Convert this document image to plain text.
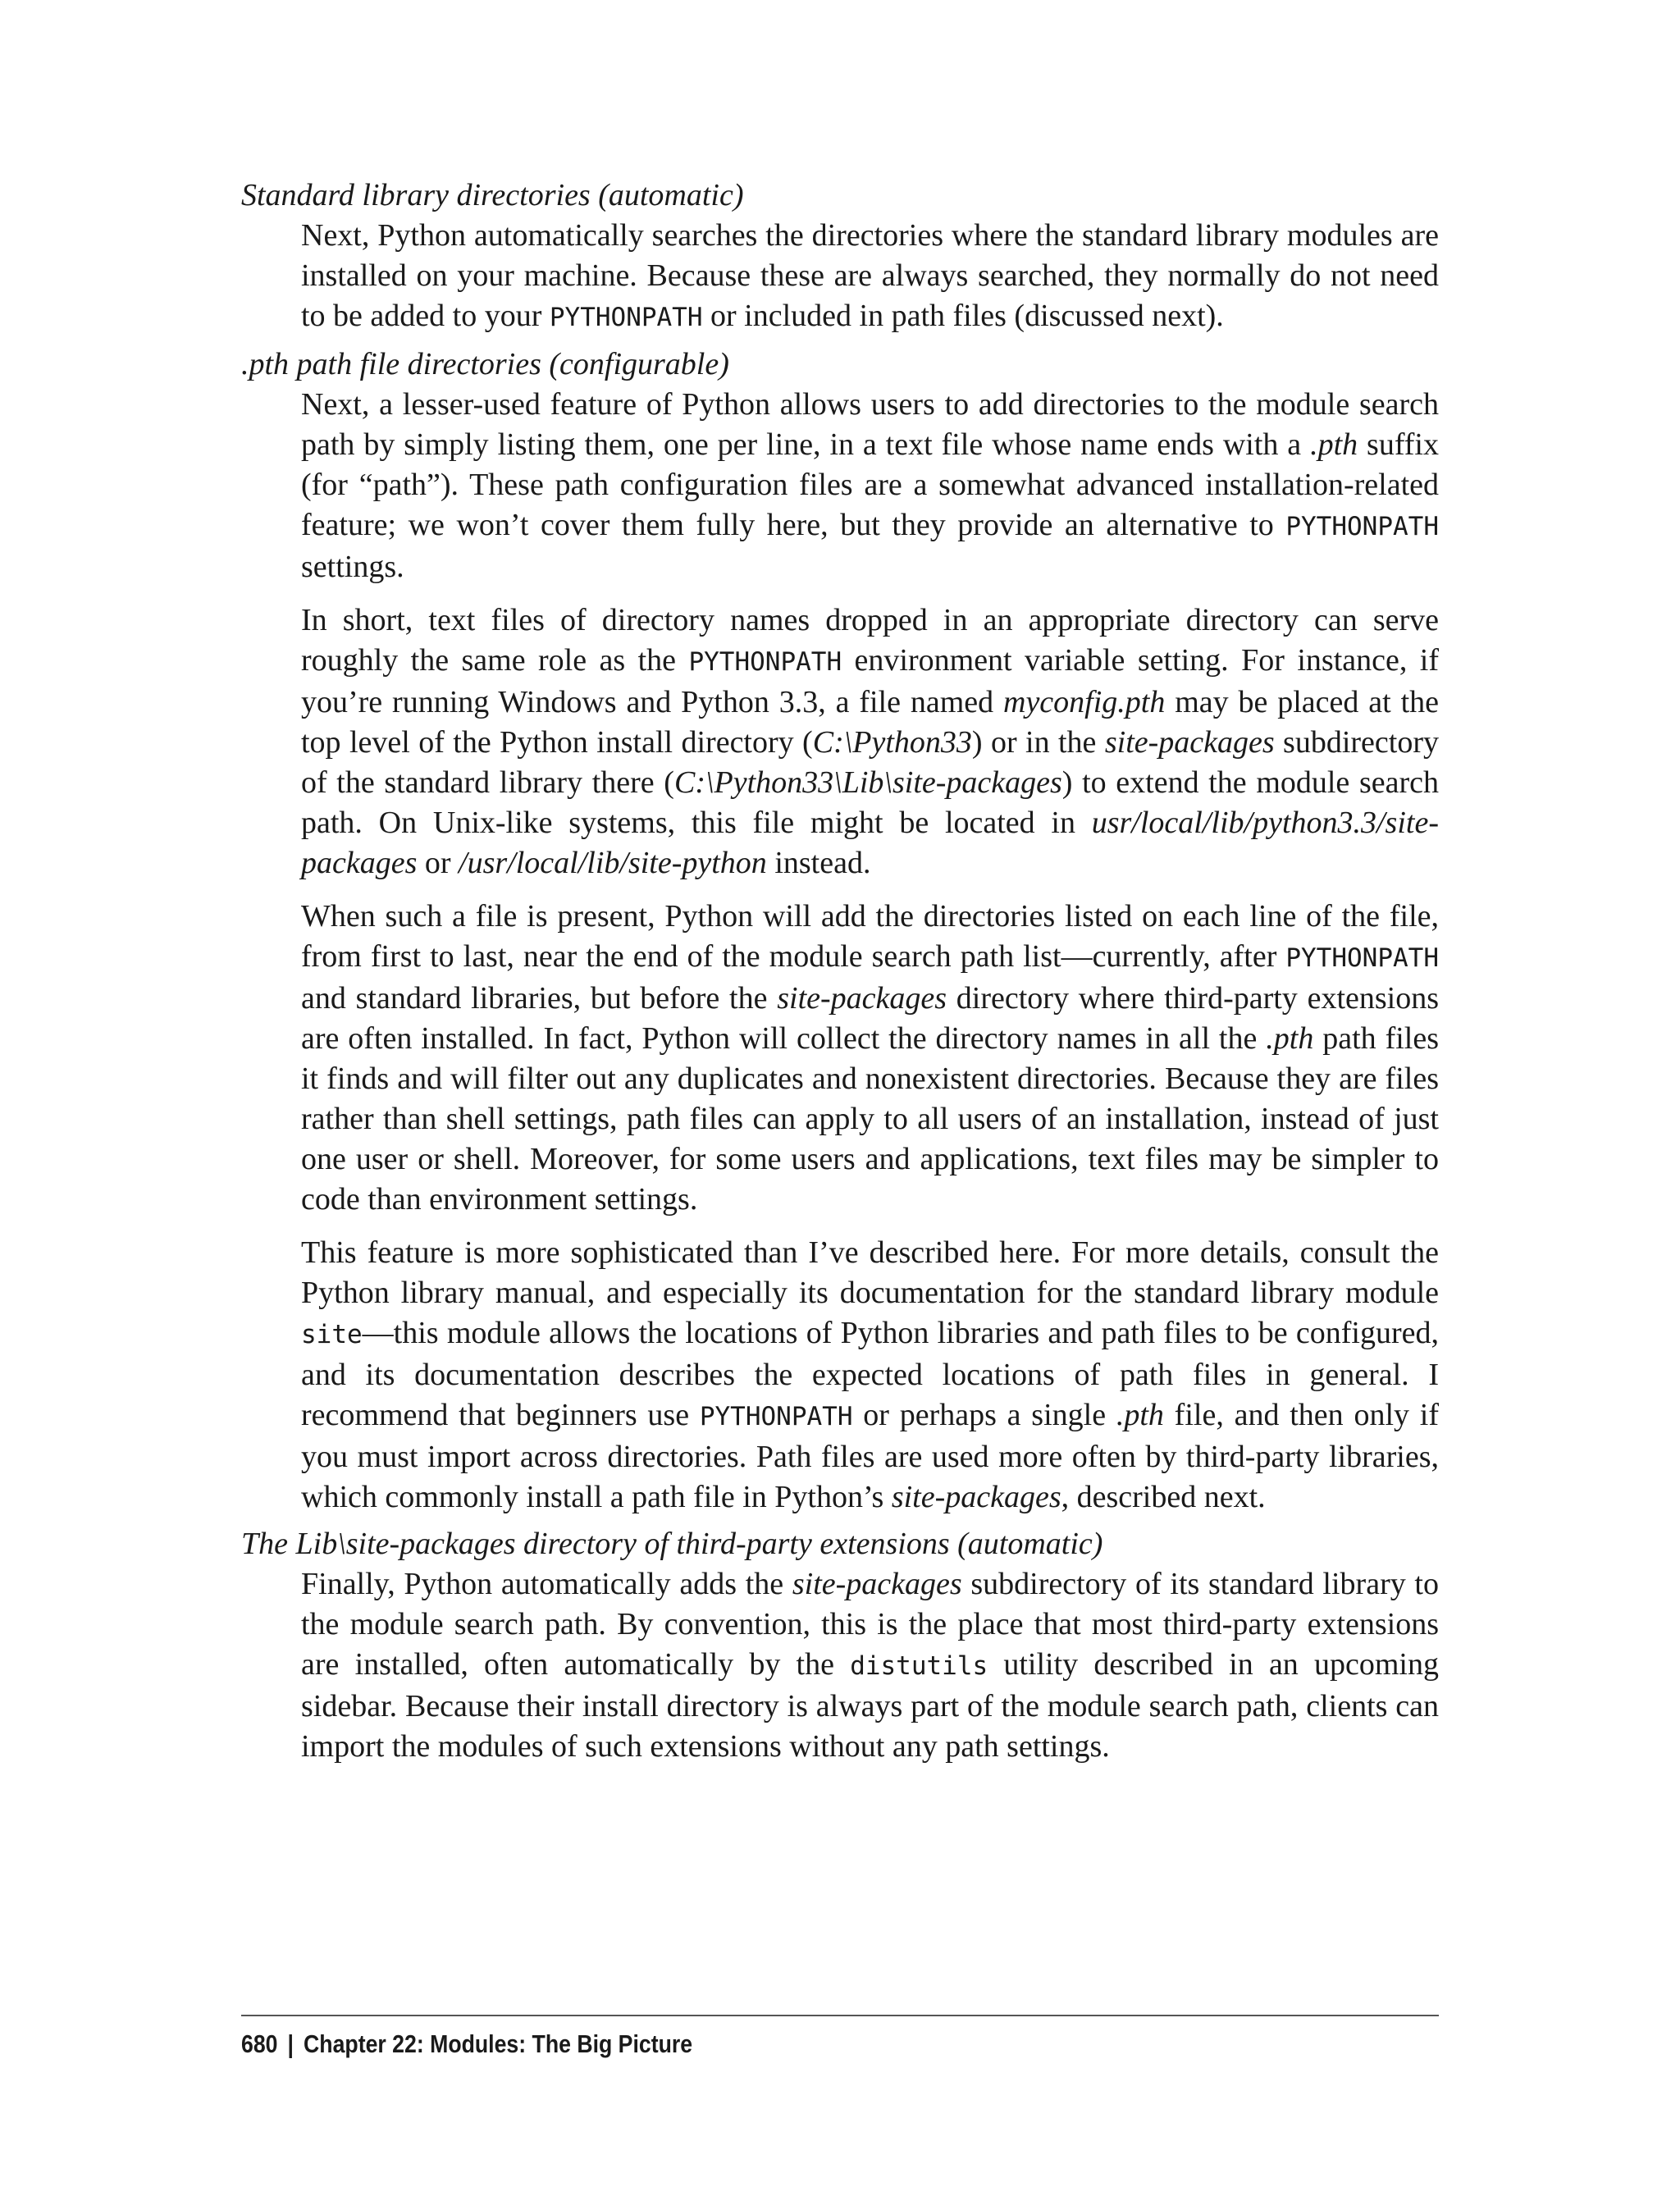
Standard library directories (automatic)

Next, Python automatically searches the directories where the standard library modules are installed on your machine. Because these are always searched, they normally do not need to be added to your PYTHONPATH or included in path files (discussed next).

.pth path file directories (configurable)

Next, a lesser-used feature of Python allows users to add directories to the module search path by simply listing them, one per line, in a text file whose name ends with a .pth suffix (for “path”). These path configuration files are a somewhat advanced installation-related feature; we won’t cover them fully here, but they provide an alternative to PYTHONPATH settings.

In short, text files of directory names dropped in an appropriate directory can serve roughly the same role as the PYTHONPATH environment variable setting. For instance, if you’re running Windows and Python 3.3, a file named myconfig.pth may be placed at the top level of the Python install directory (C:\Python33) or in the site-packages subdirectory of the standard library there (C:\Python33\Lib\site-packages) to extend the module search path. On Unix-like systems, this file might be located in usr/local/lib/python3.3/site-packages or /usr/local/lib/site-python instead.

When such a file is present, Python will add the directories listed on each line of the file, from first to last, near the end of the module search path list—currently, after PYTHONPATH and standard libraries, but before the site-packages directory where third-party extensions are often installed. In fact, Python will collect the directory names in all the .pth path files it finds and will filter out any duplicates and nonexistent directories. Because they are files rather than shell settings, path files can apply to all users of an installation, instead of just one user or shell. Moreover, for some users and applications, text files may be simpler to code than environment settings.

This feature is more sophisticated than I’ve described here. For more details, consult the Python library manual, and especially its documentation for the standard library module site—this module allows the locations of Python libraries and path files to be configured, and its documentation describes the expected locations of path files in general. I recommend that beginners use PYTHONPATH or perhaps a single .pth file, and then only if you must import across directories. Path files are used more often by third-party libraries, which commonly install a path file in Python’s site-packages, described next.

The Lib\site-packages directory of third-party extensions (automatic)

Finally, Python automatically adds the site-packages subdirectory of its standard library to the module search path. By convention, this is the place that most third-party extensions are installed, often automatically by the distutils utility described in an upcoming sidebar. Because their install directory is always part of the module search path, clients can import the modules of such extensions without any path settings.

680 | Chapter 22: Modules: The Big Picture
